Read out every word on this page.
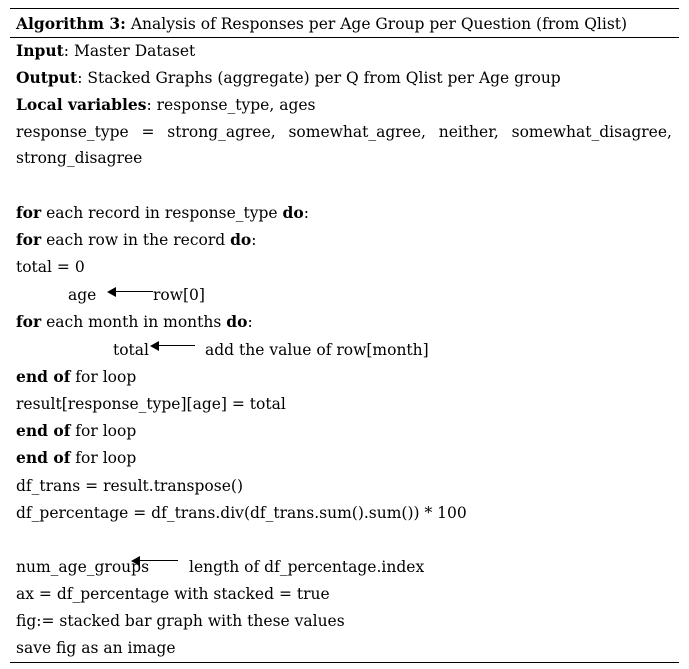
Algorithm 3: Analysis of Responses per Age Group per Question (from Qlist)
Input: Master Dataset
Output: Stacked Graphs (aggregate) per Q from Qlist per Age group
Local variables: response_type, ages
response_type = strong_agree, somewhat_agree, neither, somewhat_disagree,
strong_disagree
for each record in response_type do:
for each row in the record do:
total = 0
age	row[0]
for each month in months do:
total	add the value of row[month]
end of for loop
result[response_type][age] = total
end of for loop
end of for loop
df_trans = result.transpose()
df_percentage = df_trans.div(df_trans.sum().sum()) * 100
num_age_groups	length of df_percentage.index
ax = df_percentage with stacked = true
fig:= stacked bar graph with these values
save fig as an image
